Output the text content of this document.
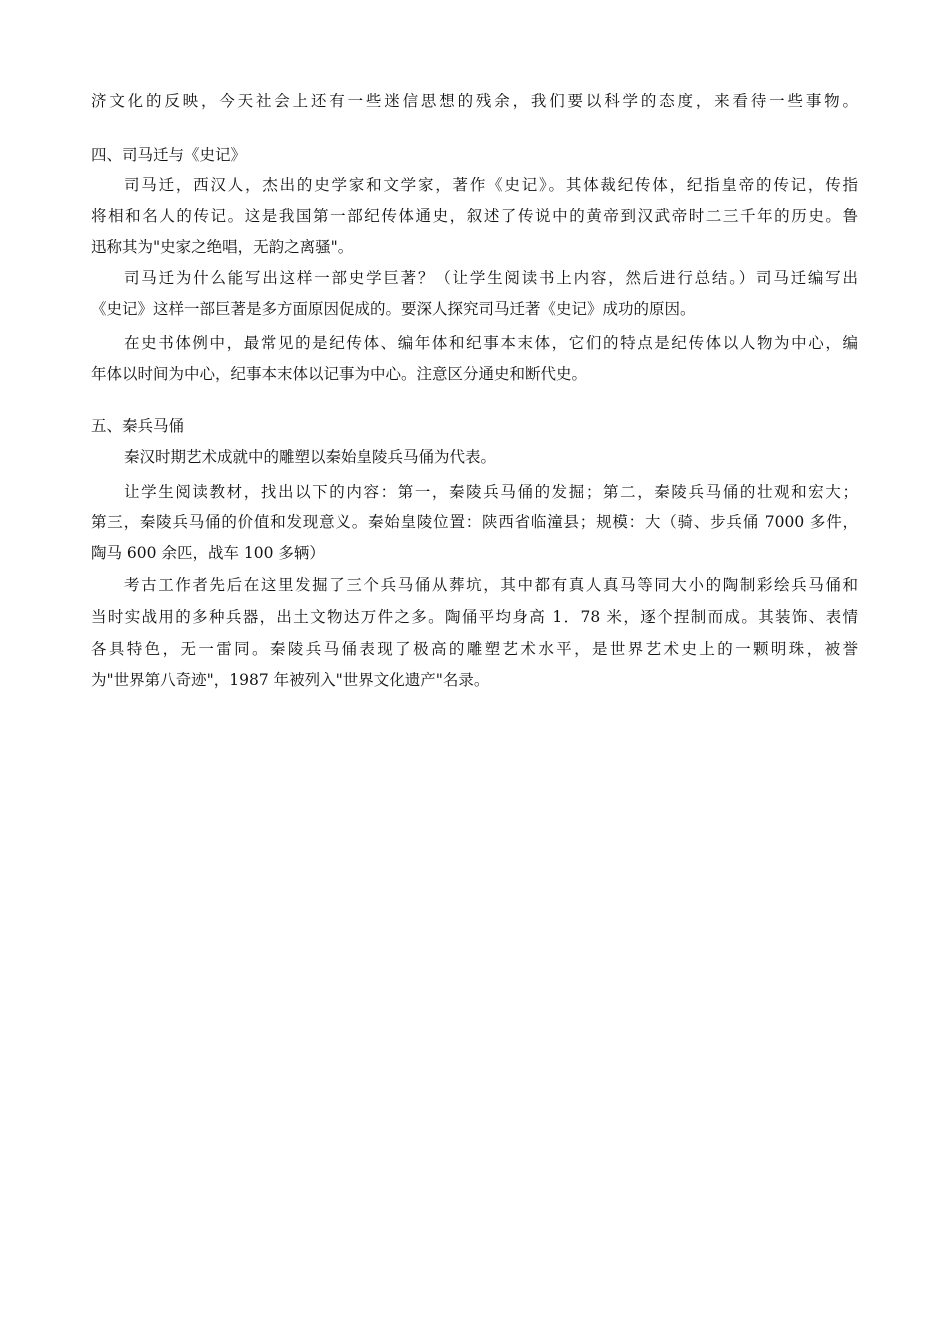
济文化的反映，今天社会上还有一些迷信思想的残余，我们要以科学的态度，来看待一些事物。
四、司马迁与《史记》
司马迁，西汉人，杰出的史学家和文学家，著作《史记》。其体裁纪传体，纪指皇帝的传记，传指
将相和名人的传记。这是我国第一部纪传体通史，叙述了传说中的黄帝到汉武帝时二三千年的历史。鲁
迅称其为"史家之绝唱，无韵之离骚"。
司马迁为什么能写出这样一部史学巨著？（让学生阅读书上内容，然后进行总结。）司马迁编写出
《史记》这样一部巨著是多方面原因促成的。要深人探究司马迁著《史记》成功的原因。
在史书体例中，最常见的是纪传体、编年体和纪事本末体，它们的特点是纪传体以人物为中心，编
年体以时间为中心，纪事本末体以记事为中心。注意区分通史和断代史。
五、秦兵马俑
秦汉时期艺术成就中的雕塑以秦始皇陵兵马俑为代表。
让学生阅读教材，找出以下的内容：第一，秦陵兵马俑的发掘；第二，秦陵兵马俑的壮观和宏大；
第三，秦陵兵马俑的价值和发现意义。秦始皇陵位置：陕西省临潼县；规模：大（骑、步兵俑 7000 多件，
陶马 600 余匹，战车 100 多辆）
考古工作者先后在这里发掘了三个兵马俑从葬坑，其中都有真人真马等同大小的陶制彩绘兵马俑和
当时实战用的多种兵器，出土文物达万件之多。陶俑平均身高 1．78 米，逐个捏制而成。其装饰、表情
各具特色，无一雷同。秦陵兵马俑表现了极高的雕塑艺术水平，是世界艺术史上的一颗明珠，被誉
为"世界第八奇迹"，1987 年被列入"世界文化遗产"名录。
